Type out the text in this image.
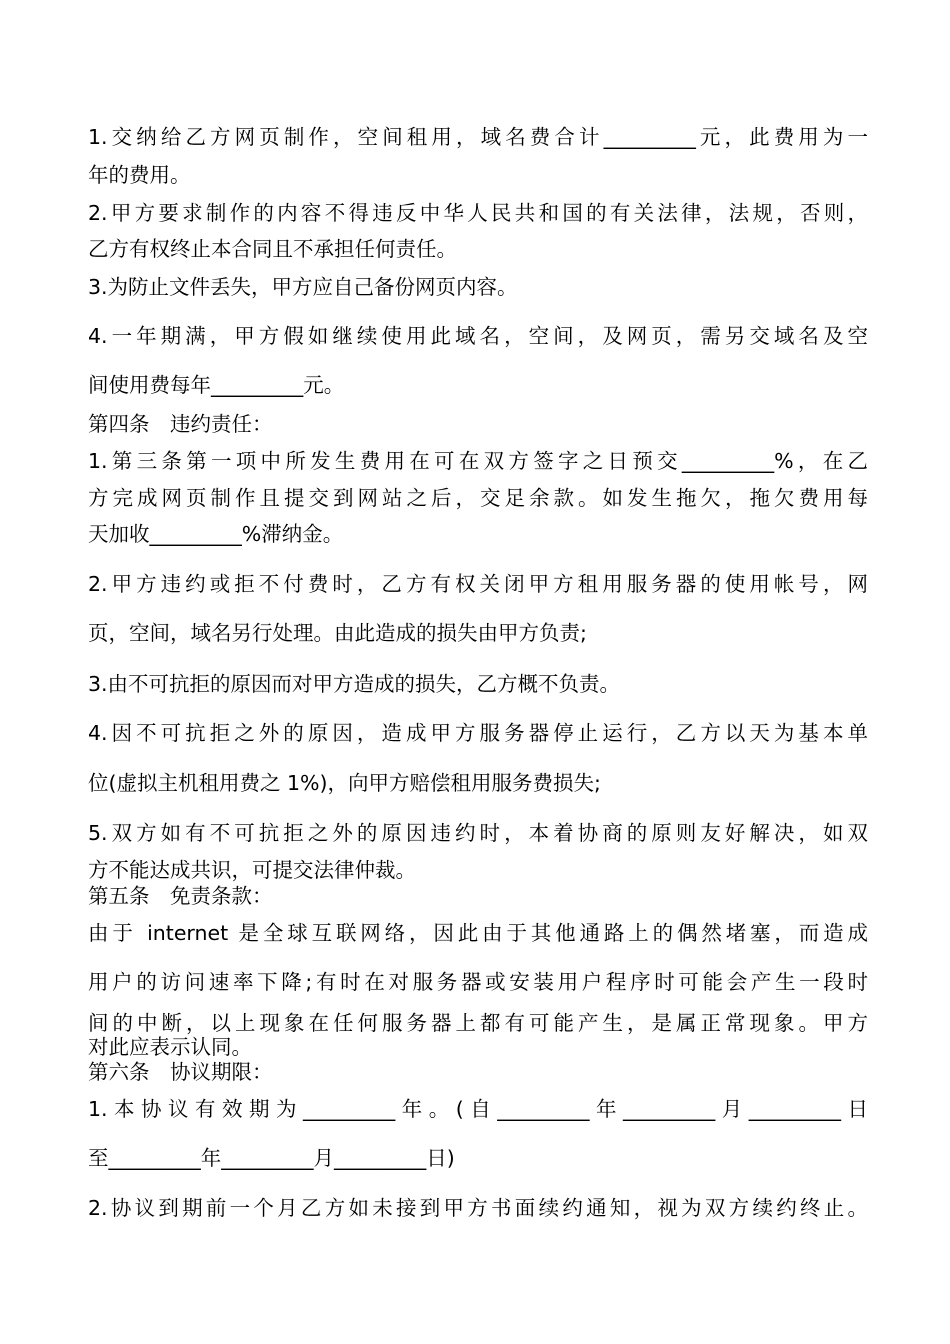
1.交纳给乙方网页制作，空间租用，域名费合计_________元，此费用为一
年的费用。
2.甲方要求制作的内容不得违反中华人民共和国的有关法律，法规，否则，
乙方有权终止本合同且不承担任何责任。
3.为防止文件丢失，甲方应自己备份网页内容。
4.一年期满，甲方假如继续使用此域名，空间，及网页，需另交域名及空
间使用费每年_________元。
第四条　违约责任：
1.第三条第一项中所发生费用在可在双方签字之日预交_________%，在乙
方完成网页制作且提交到网站之后，交足余款。如发生拖欠，拖欠费用每
天加收_________%滞纳金。
2.甲方违约或拒不付费时，乙方有权关闭甲方租用服务器的使用帐号，网
页，空间，域名另行处理。由此造成的损失由甲方负责;
3.由不可抗拒的原因而对甲方造成的损失，乙方概不负责。
4.因不可抗拒之外的原因，造成甲方服务器停止运行，乙方以天为基本单
位(虚拟主机租用费之 1%)，向甲方赔偿租用服务费损失;
5.双方如有不可抗拒之外的原因违约时，本着协商的原则友好解决，如双
方不能达成共识，可提交法律仲裁。
第五条　免责条款：
由于 internet 是全球互联网络，因此由于其他通路上的偶然堵塞，而造成
用户的访问速率下降;有时在对服务器或安装用户程序时可能会产生一段时
间的中断，以上现象在任何服务器上都有可能产生，是属正常现象。甲方
对此应表示认同。
第六条　协议期限：
1.本协议有效期为_________年。(自_________年_________月_________日
至_________年_________月_________日)
2.协议到期前一个月乙方如未接到甲方书面续约通知，视为双方续约终止。
